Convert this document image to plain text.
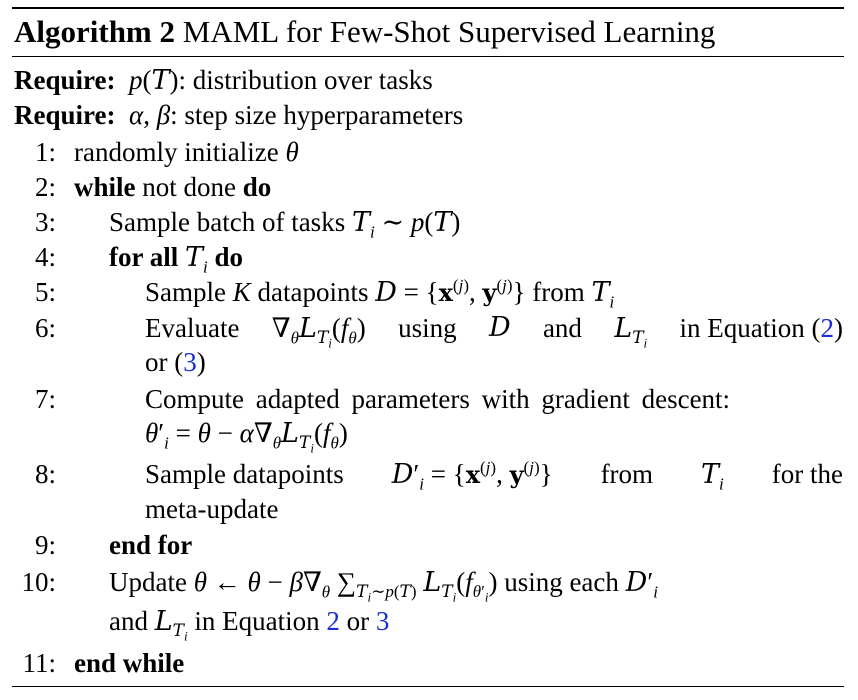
Algorithm 2 MAML for Few-Shot Supervised Learning
Require: p(T): distribution over tasks
Require: α, β: step size hyperparameters
1: randomly initialize θ
2: while not done do
3: Sample batch of tasks $T_i$ ∼ p(T)
4: for all $T_i$ do
5:	Sample K datapoints $D = \{x^{(j)}$, $y^{(j)}$} from $T_i$
6:	Evaluate $\nabla_\theta L_{T_i}(f_\theta)$ using D and $L_{T_i}$
in Equation (2)
or (3)
7:	Compute adapted parameters with gradient descent:
$\theta'_i = \theta - \alpha\nabla_\theta L_{T_i}(f_\theta)$
8:	Sample datapoints $D'_i = \{x^{(j)}$, $y^{(j)}$} from $T_i$ for the
meta-update
9: end for
10: Update θ ← $\theta - \beta\nabla_\theta$ $\sum_{T_i\sim p(T)}$ $L_{T_i}(f_{\theta'_i})$ using each $D'_i$
and $L_{T_i}$ in Equation 2 or 3
11: end while
